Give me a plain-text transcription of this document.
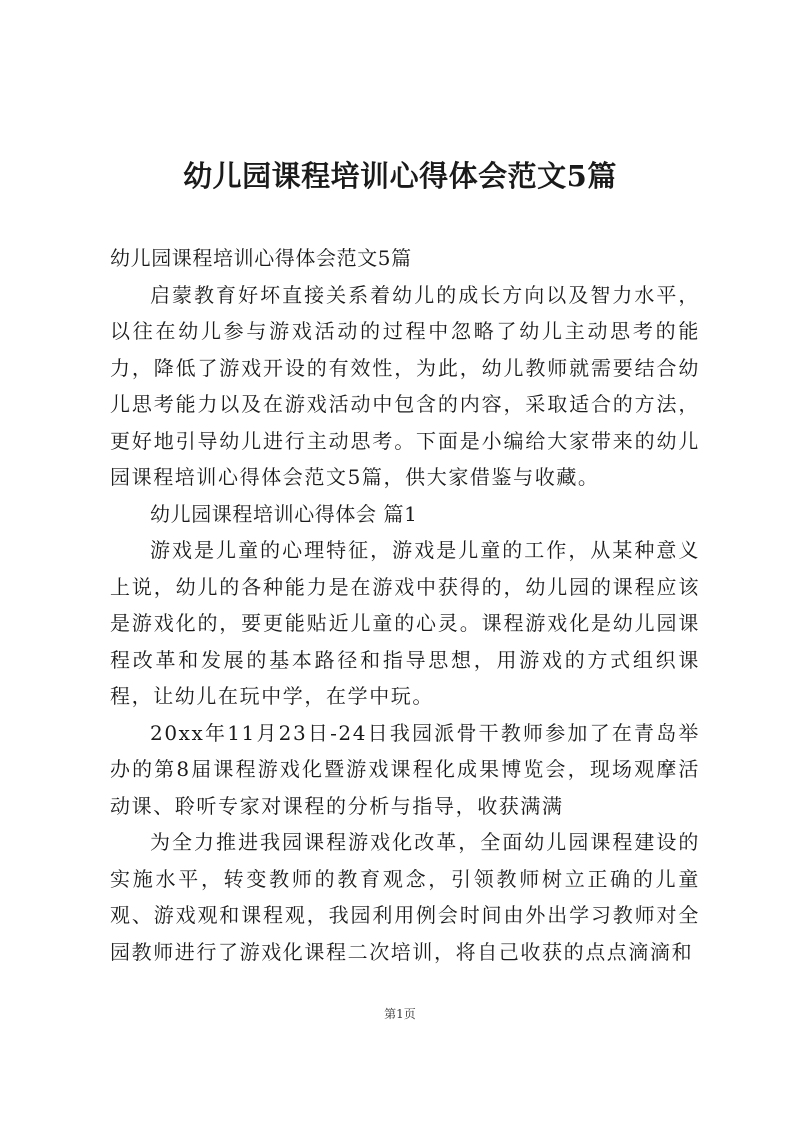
幼儿园课程培训心得体会范文5篇

幼儿园课程培训心得体会范文5篇

启蒙教育好坏直接关系着幼儿的成长方向以及智力水平，以往在幼儿参与游戏活动的过程中忽略了幼儿主动思考的能力，降低了游戏开设的有效性，为此，幼儿教师就需要结合幼儿思考能力以及在游戏活动中包含的内容，采取适合的方法，更好地引导幼儿进行主动思考。下面是小编给大家带来的幼儿园课程培训心得体会范文5篇，供大家借鉴与收藏。

幼儿园课程培训心得体会 篇1

游戏是儿童的心理特征，游戏是儿童的工作，从某种意义上说，幼儿的各种能力是在游戏中获得的，幼儿园的课程应该是游戏化的，要更能贴近儿童的心灵。课程游戏化是幼儿园课程改革和发展的基本路径和指导思想，用游戏的方式组织课程，让幼儿在玩中学，在学中玩。

20xx年11月23日-24日我园派骨干教师参加了在青岛举办的第8届课程游戏化暨游戏课程化成果博览会，现场观摩活动课、聆听专家对课程的分析与指导，收获满满

为全力推进我园课程游戏化改革，全面幼儿园课程建设的实施水平，转变教师的教育观念，引领教师树立正确的儿童观、游戏观和课程观，我园利用例会时间由外出学习教师对全园教师进行了游戏化课程二次培训，将自己收获的点点滴滴和

第1页
